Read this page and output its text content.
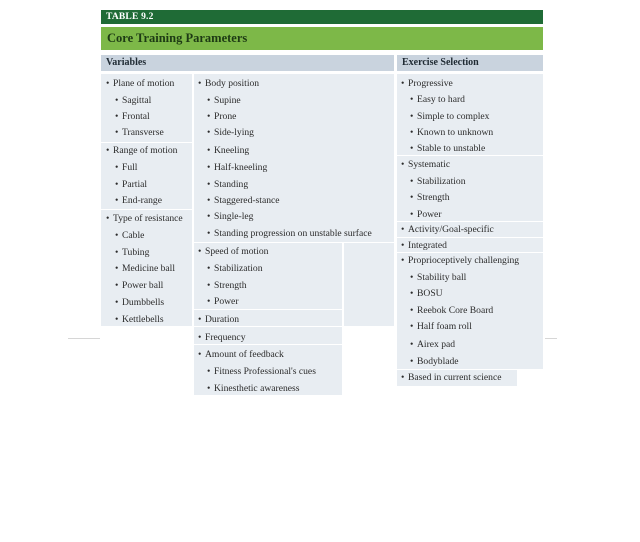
TABLE 9.2
Core Training Parameters
Variables	Exercise Selection
• Plane of motion
• Sagittal
• Frontal
• Transverse
• Range of motion
• Full
• Partial
• End-range
• Type of resistance
• Cable
• Tubing
• Medicine ball
• Power ball
• Dumbbells
• Kettlebells
• Body position
• Supine
• Prone
• Side-lying
• Kneeling
• Half-kneeling
• Standing
• Staggered-stance
• Single-leg
• Standing progression on unstable surface
• Speed of motion
• Stabilization
• Strength
• Power
• Duration
• Frequency
• Amount of feedback
• Fitness Professional's cues
• Kinesthetic awareness
• Progressive
• Easy to hard
• Simple to complex
• Known to unknown
• Stable to unstable
• Systematic
• Stabilization
• Strength
• Power
• Activity/Goal-specific
• Integrated
• Proprioceptively challenging
• Stability ball
• BOSU
• Reebok Core Board
• Half foam roll
• Airex pad
• Bodyblade
• Based in current science
